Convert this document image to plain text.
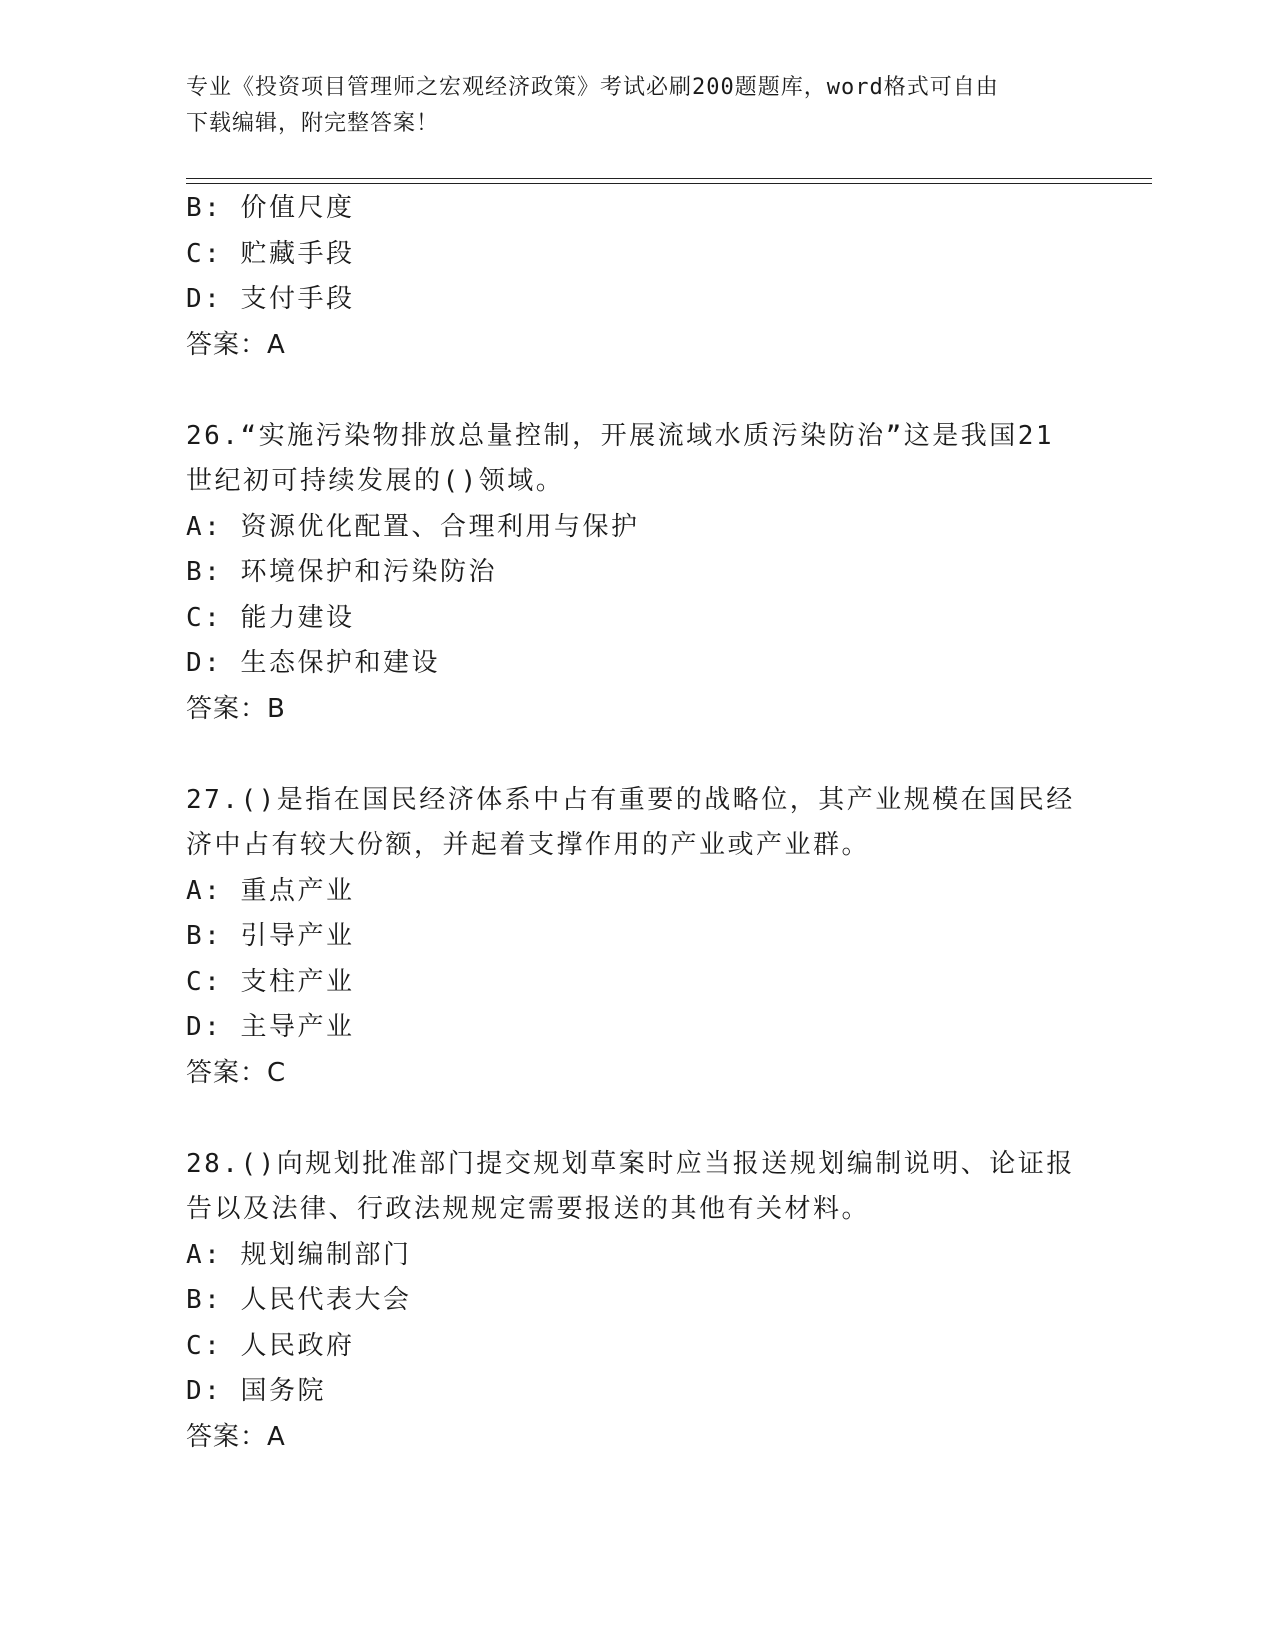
专业《投资项目管理师之宏观经济政策》考试必刷200题题库，word格式可自由
下载编辑，附完整答案！
B: 价值尺度
C: 贮藏手段
D: 支付手段
答案：A
26.“实施污染物排放总量控制，开展流域水质污染防治”这是我国21
世纪初可持续发展的()领域。
A: 资源优化配置、合理利用与保护
B: 环境保护和污染防治
C: 能力建设
D: 生态保护和建设
答案：B
27.()是指在国民经济体系中占有重要的战略位，其产业规模在国民经
济中占有较大份额，并起着支撑作用的产业或产业群。
A: 重点产业
B: 引导产业
C: 支柱产业
D: 主导产业
答案：C
28.()向规划批准部门提交规划草案时应当报送规划编制说明、论证报
告以及法律、行政法规规定需要报送的其他有关材料。
A: 规划编制部门
B: 人民代表大会
C: 人民政府
D: 国务院
答案：A
